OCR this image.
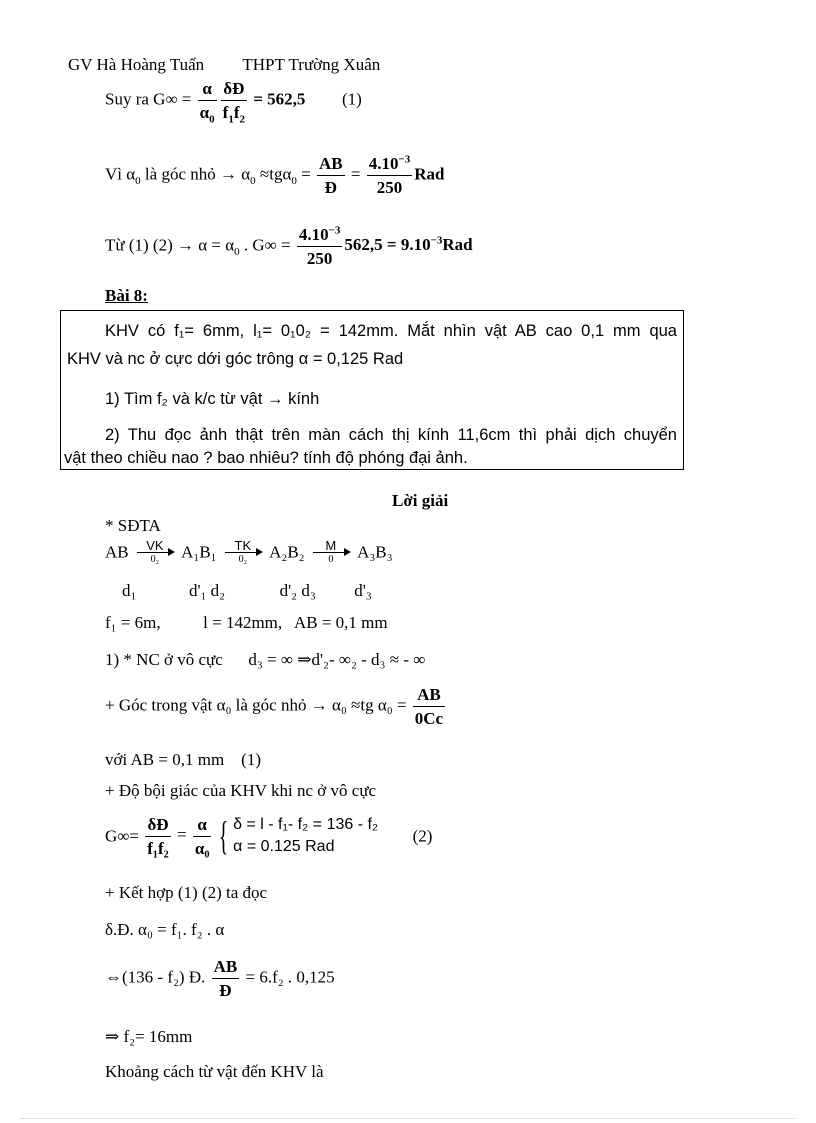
GV Hà Hoàng Tuấn THPT Trường Xuân
Suy ra $G\infty = \frac{\alpha}{\alpha_0} \frac{\delta Đ}{f_1f_2} = 562,5$ (1)
Vì $\alpha_0$ là góc nhỏ → $\alpha_0 \approx tg\alpha_0 = \frac{AB}{Đ} = \frac{4.10^{-3}}{250}$ Rad
Từ (1) $(2) \to \alpha = \alpha_0$ . $G\infty = \frac{4.10^{-3}}{250} 562,5 = 9.10^{-3}Rad$
Bài 8:
KHV có f₁= 6mm, l₁= 0₁0₂ = 142mm. Mắt nhìn vật AB cao 0,1 mm qua
KHV và nc ở cực dới góc trông α = 0,125 Rad
1) Tìm f₂ và k/c từ vật → kính
2) Thu đọc ảnh thật trên màn cách thị kính 11,6cm thì phải dịch chuyển
vật theo chiều nao ? bao nhiêu? tính độ phóng đại ảnh.
Lời giải
* SĐTA
AB	VK
0₂	A₁B₁	TK
0₂	A₂B₂	M
0	A₃B₃
d₁	d'₁ d₂	d'₂ d₃ d'₃
f₁ = 6m,          l = 142mm,   AB = 0,1 mm
1) * NC ở vô cực      d₃ = ∞ ⇒d'₂- ∞₂ - d₃ ≈ - ∞
+ Góc trong vật α₀ là góc nhỏ → α₀ ≈tg $\alpha_0 = \frac{AB}{0Cc}$
với AB = 0,1 mm    (1)
+ Độ bội giác của KHV khi nc ở vô cực
$G\infty= \frac{\delta Đ}{\text{f₁f₂}} = \frac{\alpha}{\text{α₀}}$ { δ = l - f₁- f₂ = 136 - f₂
α = 0.125 Rad
(2)
+ Kết hợp (1) (2) ta đọc
δ.Đ. α₀ = f₁. f₂ . α
⇔(136 - f₂) Đ. $\frac{AB}{Đ} = 6.f_2$ . 0,125
⇒ f₂= 16mm
Khoảng cách từ vật đến KHV là
